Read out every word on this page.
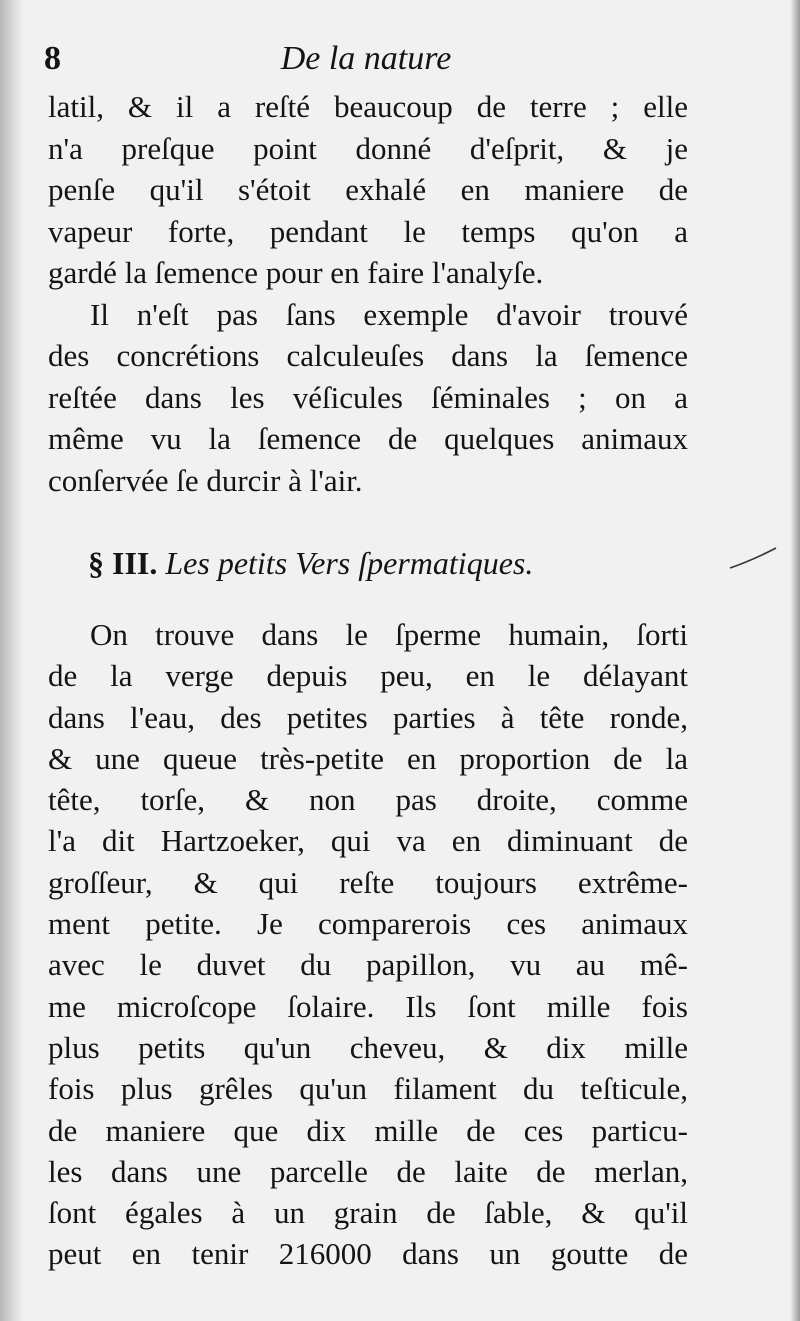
8	De la nature
latil, & il a reſté beaucoup de terre ; elle
n'a preſque point donné d'eſprit, & je
penſe qu'il s'étoit exhalé en maniere de
vapeur forte, pendant le temps qu'on a
gardé la ſemence pour en faire l'analyſe.
Il n'eſt pas ſans exemple d'avoir trouvé
des concrétions calculeuſes dans la ſemence
reſtée dans les véſicules ſéminales ; on a
même vu la ſemence de quelques animaux
conſervée ſe durcir à l'air.
§ III. Les petits Vers ſpermatiques.
On trouve dans le ſperme humain, ſorti
de la verge depuis peu, en le délayant
dans l'eau, des petites parties à tête ronde,
& une queue très-petite en proportion de la
tête, torſe, & non pas droite, comme
l'a dit Hartzoeker, qui va en diminuant de
groſſeur, & qui reſte toujours extrême-
ment petite. Je comparerois ces animaux
avec le duvet du papillon, vu au mê-
me microſcope ſolaire. Ils ſont mille fois
plus petits qu'un cheveu, & dix mille
fois plus grêles qu'un filament du teſticule,
de maniere que dix mille de ces particu-
les dans une parcelle de laite de merlan,
ſont égales à un grain de ſable, & qu'il
peut en tenir 216000 dans un goutte de
